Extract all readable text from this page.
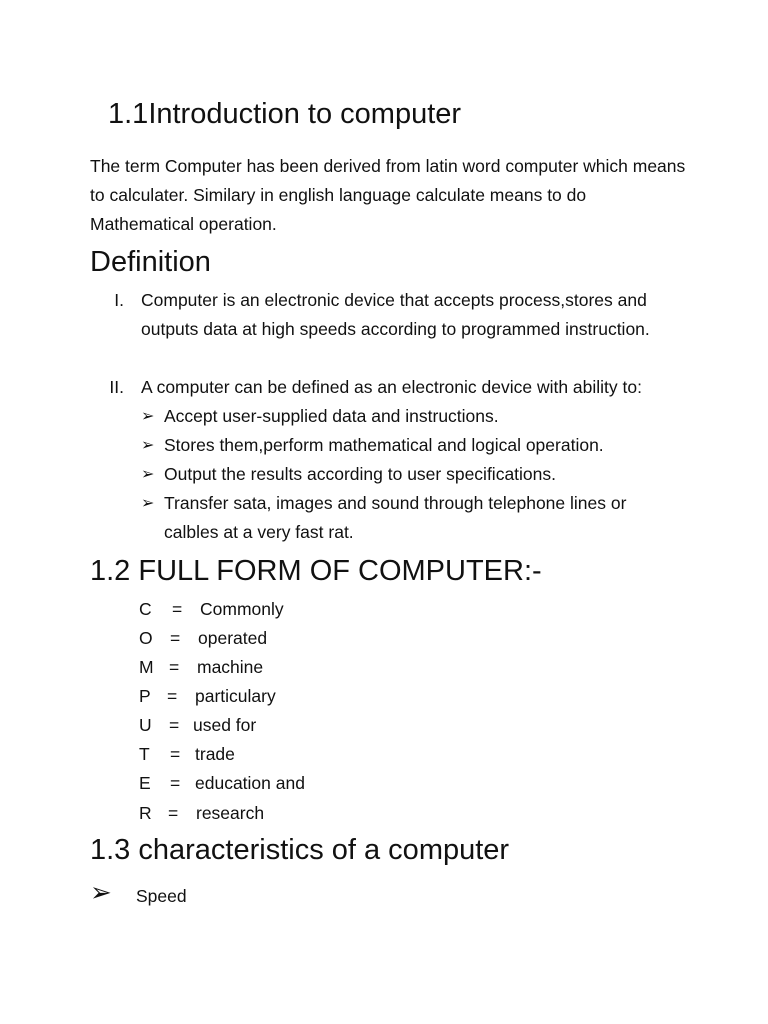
1.1Introduction to computer
The term Computer has been derived from latin word computer which means to calculater. Similary in english language calculate means to do Mathematical operation.
Definition
I. Computer is an electronic device that accepts process,stores and outputs data at high speeds according to programmed instruction.
II. A computer can be defined as an electronic device with ability to:
➢ Accept user-supplied data and instructions.
➢ Stores them,perform mathematical and logical operation.
➢ Output the results according to user specifications.
➢ Transfer sata, images and sound through telephone lines or calbles at a very fast rat.
1.2 FULL FORM OF COMPUTER:-
C = Commonly
O = operated
M = machine
P = particulary
U = used for
T = trade
E = education and
R = research
1.3 characteristics of a computer
➢ Speed
